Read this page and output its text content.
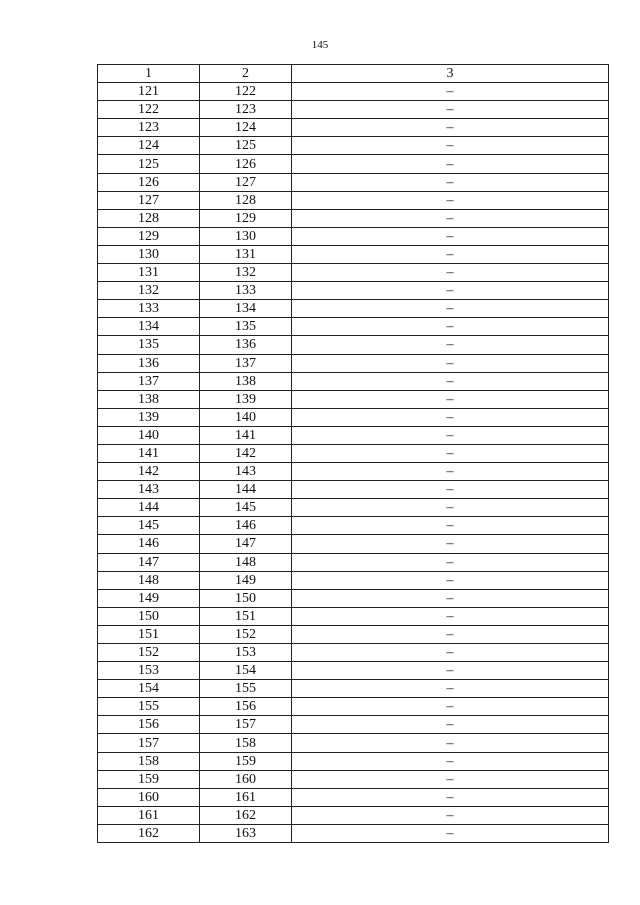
145
1	2	3
121	122	–
122	123	–
123	124	–
124	125	–
125	126	–
126	127	–
127	128	–
128	129	–
129	130	–
130	131	–
131	132	–
132	133	–
133	134	–
134	135	–
135	136	–
136	137	–
137	138	–
138	139	–
139	140	–
140	141	–
141	142	–
142	143	–
143	144	–
144	145	–
145	146	–
146	147	–
147	148	–
148	149	–
149	150	–
150	151	–
151	152	–
152	153	–
153	154	–
154	155	–
155	156	–
156	157	–
157	158	–
158	159	–
159	160	–
160	161	–
161	162	–
162	163	–
